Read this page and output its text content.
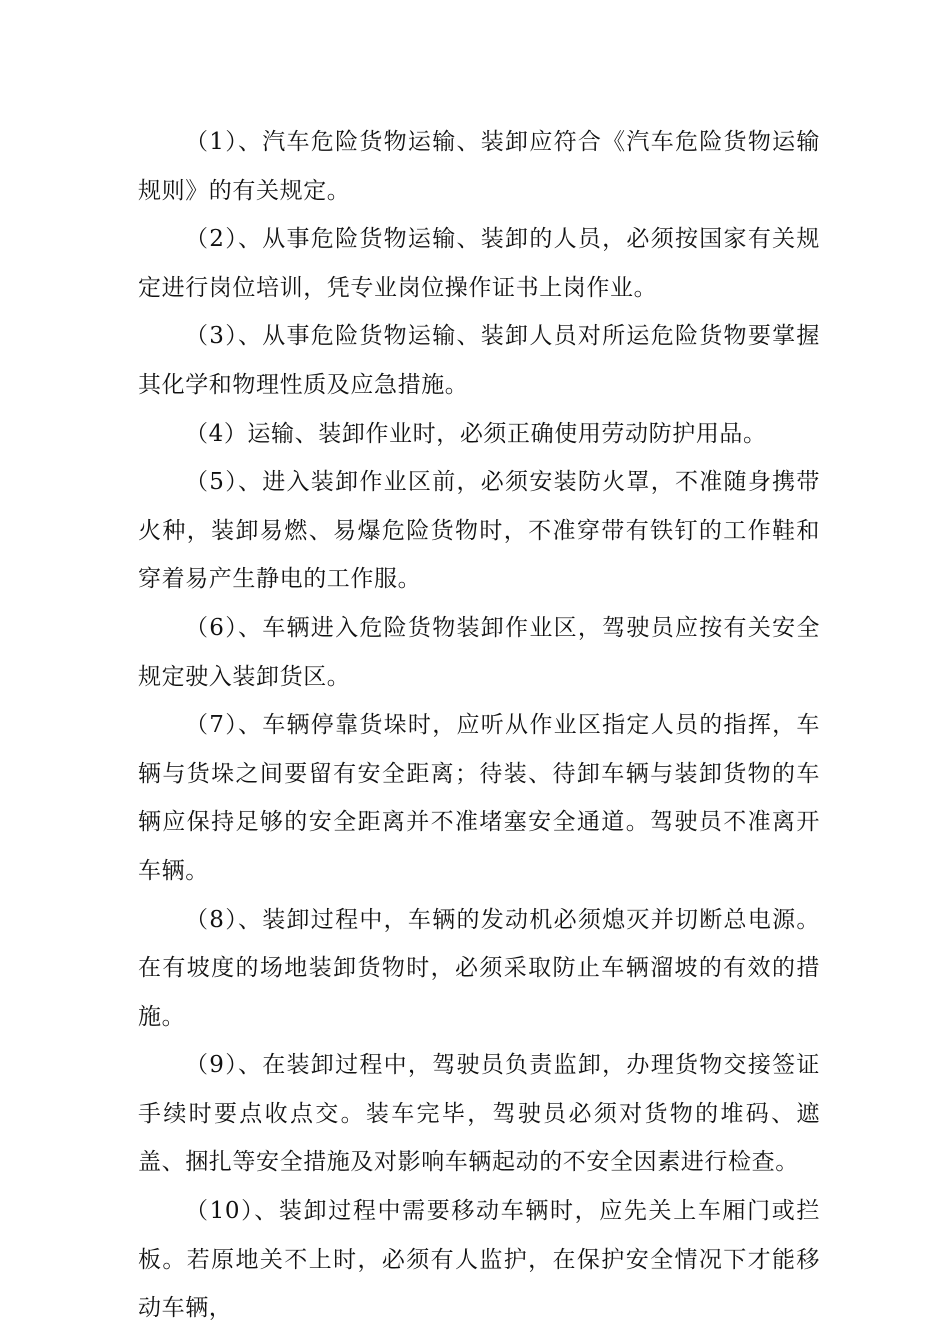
（1）、汽车危险货物运输、装卸应符合《汽车危险货物运输规则》的有关规定。

（2）、从事危险货物运输、装卸的人员，必须按国家有关规定进行岗位培训，凭专业岗位操作证书上岗作业。

（3）、从事危险货物运输、装卸人员对所运危险货物要掌握其化学和物理性质及应急措施。

（4）运输、装卸作业时，必须正确使用劳动防护用品。

（5）、进入装卸作业区前，必须安装防火罩，不准随身携带火种，装卸易燃、易爆危险货物时，不准穿带有铁钉的工作鞋和穿着易产生静电的工作服。

（6）、车辆进入危险货物装卸作业区，驾驶员应按有关安全规定驶入装卸货区。

（7）、车辆停靠货垛时，应听从作业区指定人员的指挥，车辆与货垛之间要留有安全距离；待装、待卸车辆与装卸货物的车辆应保持足够的安全距离并不准堵塞安全通道。驾驶员不准离开车辆。

（8）、装卸过程中，车辆的发动机必须熄灭并切断总电源。在有坡度的场地装卸货物时，必须采取防止车辆溜坡的有效的措施。

（9）、在装卸过程中，驾驶员负责监卸，办理货物交接签证手续时要点收点交。装车完毕，驾驶员必须对货物的堆码、遮盖、捆扎等安全措施及对影响车辆起动的不安全因素进行检查。

（10）、装卸过程中需要移动车辆时，应先关上车厢门或拦板。若原地关不上时，必须有人监护，在保护安全情况下才能移动车辆，
